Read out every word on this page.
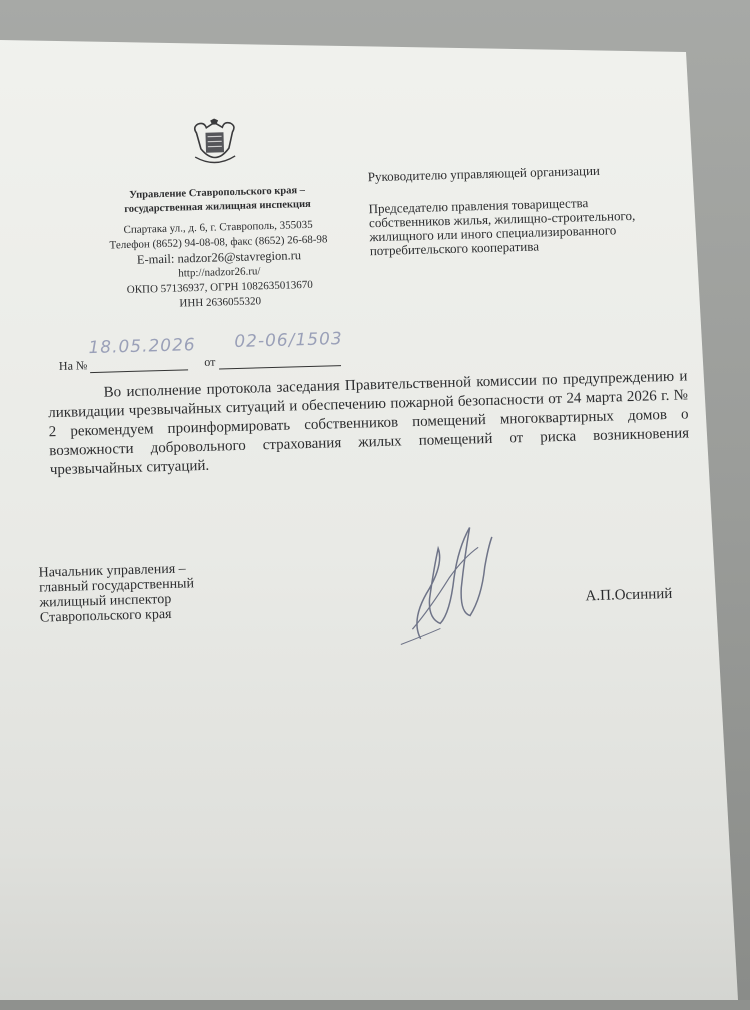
Управление Ставропольского края –
государственная жилищная инспекция
Спартака ул., д. 6, г. Ставрополь, 355035
Телефон (8652) 94-08-08, факс (8652) 26-68-98
E-mail: nadzor26@stavregion.ru
http://nadzor26.ru/
ОКПО 57136937, ОГРН 1082635013670
ИНН 2636055320
18.05.2026 02-06/1503
На №	от
Руководителю управляющей организации
Председателю правления товарищества собственников жилья, жилищно-строительного, жилищного или иного специализированного потребительского кооператива
Во исполнение протокола заседания Правительственной комиссии по предупреждению и ликвидации чрезвычайных ситуаций и обеспечению пожарной безопасности от 24 марта 2026 г. № 2 рекомендуем проинформировать собственников помещений многоквартирных домов о возможности добровольного страхования жилых помещений от риска возникновения чрезвычайных ситуаций.
Начальник управления –
главный государственный
жилищный инспектор
Ставропольского края
А.П.Осинний
